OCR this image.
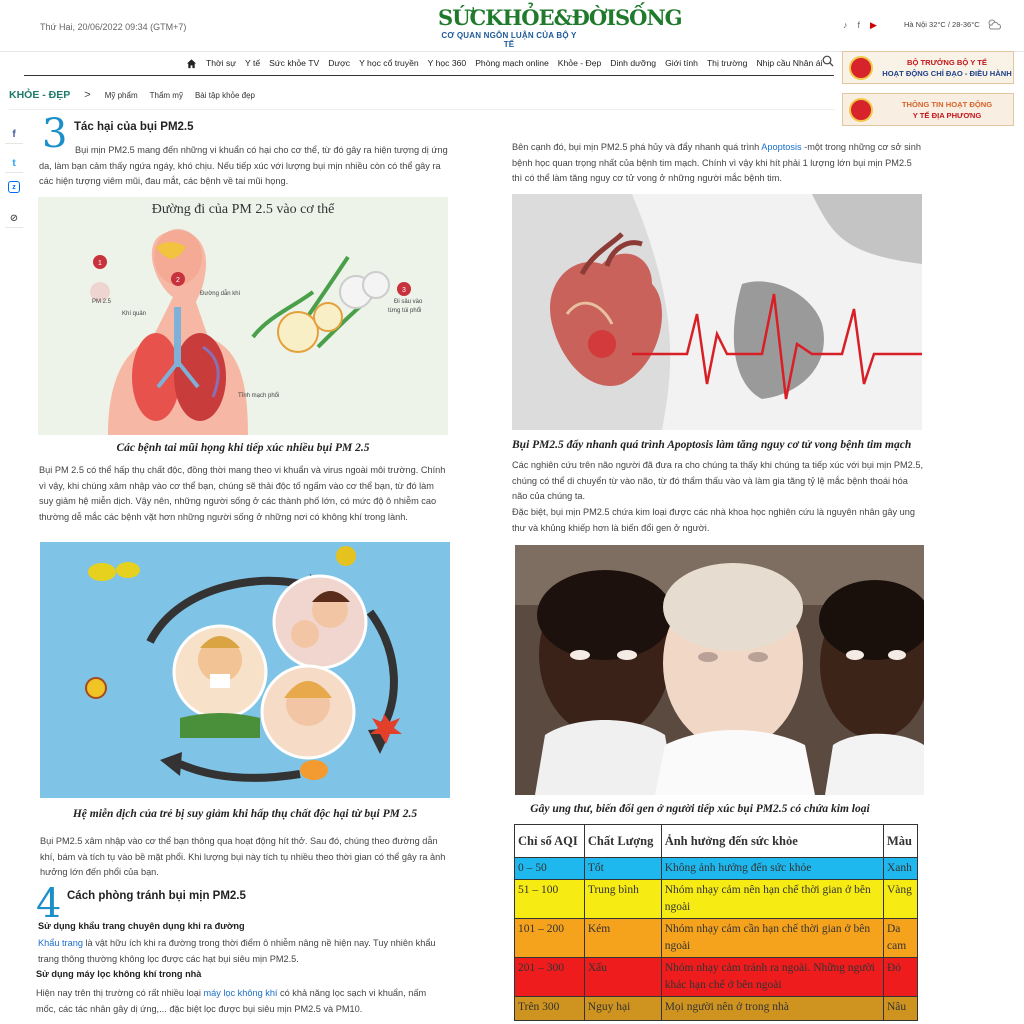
Thứ Hai, 20/06/2022 09:34 (GTM+7)	SỨCKHỎE&ĐỜISỐNG
CƠ QUAN NGÔN LUẬN CỦA BỘ Y TẾ
♪ f ▶	Hà Nội 32°C / 28-36°C
Thời sự Y tế Sức khỏe TV Dược Y học cổ truyền Y học 360 Phòng mạch online Khỏe - Đẹp Dinh dưỡng Giới tính Thị trường Nhịp cầu Nhân ái	BỘ TRƯỞNG BỘ Y TẾ
HOẠT ĐỘNG CHỈ ĐẠO - ĐIỀU HÀNH
THÔNG TIN HOẠT ĐỘNG
Y TẾ ĐỊA PHƯƠNG
KHỎE - ĐẸP > Mỹ phẩm Thẩm mỹ Bài tập khỏe đẹp
f
t
z
⊘
3 Tác hại của bụi PM2.5
Bụi mịn PM2.5 mang đến những vi khuẩn có hại cho cơ thể, từ đó gây ra hiện tượng dị ứng da, làm bạn cảm thấy ngứa ngáy, khó chịu. Nếu tiếp xúc với lượng bụi mịn nhiều còn có thể gây ra các hiện tượng viêm mũi, đau mắt, các bệnh về tai mũi họng.
Đường đi của PM 2.5 vào cơ thể
1
2
3
PM 2.5
Khí quản
Đường dẫn khí
Đi sâu vào
từng túi phổi
Tĩnh mạch phổi
Các bệnh tai mũi họng khi tiếp xúc nhiều bụi PM 2.5
Bụi PM 2.5 có thể hấp thụ chất độc, đồng thời mang theo vi khuẩn và virus ngoài môi trường. Chính vì vậy, khi chúng xâm nhập vào cơ thể bạn, chúng sẽ thải độc tố ngấm vào cơ thể bạn, từ đó làm suy giảm hệ miễn dịch. Vậy nên, những người sống ở các thành phố lớn, có mức độ ô nhiễm cao thường dễ mắc các bệnh vặt hơn những người sống ở những nơi có không khí trong lành.
Hệ miễn dịch của trẻ bị suy giảm khi hấp thụ chất độc hại từ bụi PM 2.5
Bụi PM2.5 xâm nhập vào cơ thể bạn thông qua hoạt động hít thở. Sau đó, chúng theo đường dẫn khí, bám và tích tụ vào bề mặt phổi. Khi lượng bụi này tích tụ nhiều theo thời gian có thể gây ra ảnh hưởng lớn đến phổi của bạn.
4 Cách phòng tránh bụi mịn PM2.5
Sử dụng khẩu trang chuyên dụng khi ra đường
Khẩu trang là vật hữu ích khi ra đường trong thời điểm ô nhiễm nâng nề hiện nay. Tuy nhiên khẩu trang thông thường không lọc được các hạt bụi siêu mịn PM2.5.
Sử dụng máy lọc không khí trong nhà
Hiện nay trên thị trường có rất nhiều loại máy lọc không khí có khả năng lọc sạch vi khuẩn, nấm mốc, các tác nhân gây dị ứng,... đặc biệt lọc được bụi siêu mịn PM2.5 và PM10.
Bên cạnh đó, bụi mịn PM2.5 phá hủy và đẩy nhanh quá trình Apoptosis -một trong những cơ sở sinh bệnh học quan trọng nhất của bệnh tim mạch. Chính vì vậy khi hít phải 1 lượng lớn bụi mịn PM2.5 thì có thể làm tăng nguy cơ tử vong ở những người mắc bệnh tim.
Bụi PM2.5 đẩy nhanh quá trình Apoptosis làm tăng nguy cơ tử vong bệnh tim mạch
Các nghiên cứu trên não người đã đưa ra cho chúng ta thấy khi chúng ta tiếp xúc với bụi mịn PM2.5, chúng có thể di chuyển từ vào não, từ đó thẩm thấu vào và làm gia tăng tỷ lệ mắc bệnh thoái hóa não của chúng ta.
Đặc biệt, bụi mịn PM2.5 chứa kim loại được các nhà khoa học nghiên cứu là nguyên nhân gây ung thư và khủng khiếp hơn là biến đổi gen ở người.
Gây ung thư, biến đổi gen ở người tiếp xúc bụi PM2.5 có chứa kim loại
Chỉ số AQI	Chất Lượng	Ảnh hưởng đến sức khỏe	Màu
0 – 50	Tốt	Không ảnh hưởng đến sức khỏe	Xanh
51 – 100	Trung bình	Nhóm nhạy cảm nên hạn chế thời gian ở bên ngoài	Vàng
101 – 200	Kém	Nhóm nhạy cảm cần hạn chế thời gian ở bên ngoài	Da cam
201 – 300	Xấu	Nhóm nhạy cảm tránh ra ngoài. Những người khác hạn chế ở bên ngoài	Đỏ
Trên 300	Nguy hại	Mọi người nên ở trong nhà	Nâu
